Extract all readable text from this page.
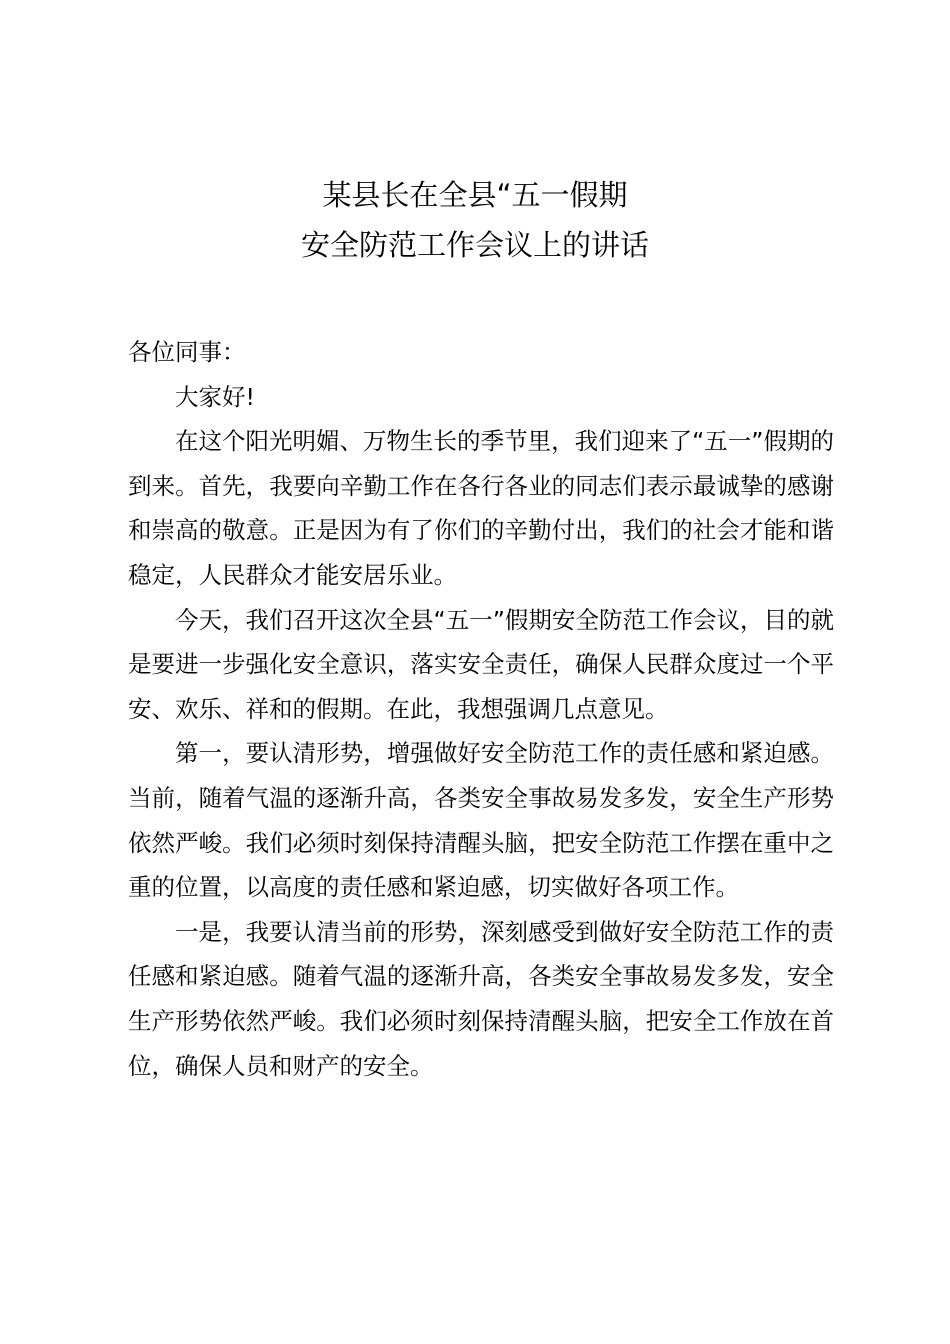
某县长在全县“五一假期
安全防范工作会议上的讲话

各位同事：

大家好!

在这个阳光明媚、万物生长的季节里，我们迎来了“五一”假期的到来。首先，我要向辛勤工作在各行各业的同志们表示最诚挚的感谢和崇高的敬意。正是因为有了你们的辛勤付出，我们的社会才能和谐稳定，人民群众才能安居乐业。

今天，我们召开这次全县“五一”假期安全防范工作会议，目的就是要进一步强化安全意识，落实安全责任，确保人民群众度过一个平安、欢乐、祥和的假期。在此，我想强调几点意见。

第一，要认清形势，增强做好安全防范工作的责任感和紧迫感。当前，随着气温的逐渐升高，各类安全事故易发多发，安全生产形势依然严峻。我们必须时刻保持清醒头脑，把安全防范工作摆在重中之重的位置，以高度的责任感和紧迫感，切实做好各项工作。

一是，我要认清当前的形势，深刻感受到做好安全防范工作的责任感和紧迫感。随着气温的逐渐升高，各类安全事故易发多发，安全生产形势依然严峻。我们必须时刻保持清醒头脑，把安全工作放在首位，确保人员和财产的安全。
